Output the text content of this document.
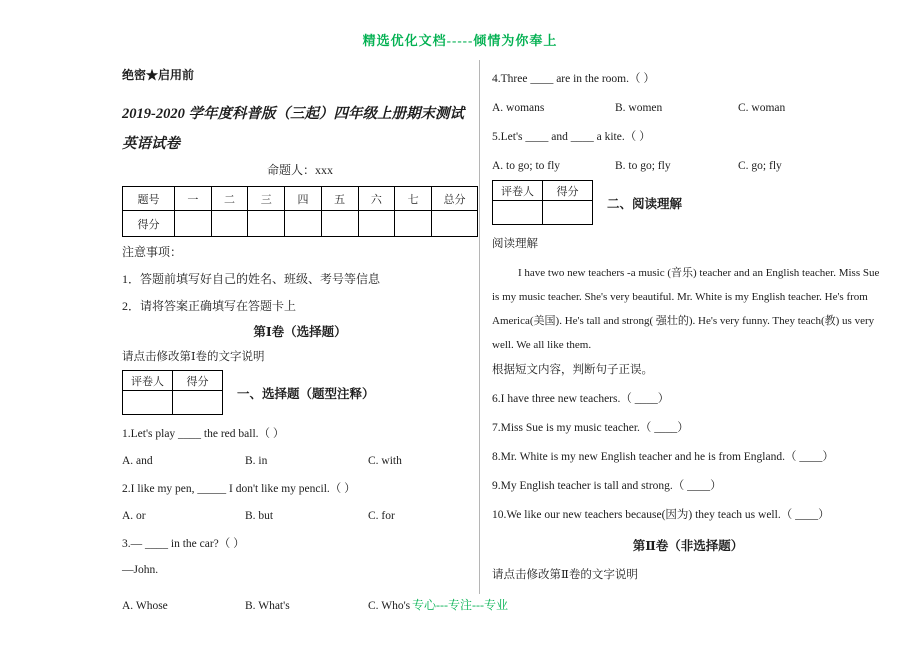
精选优化文档-----倾情为你奉上
绝密★启用前
2019-2020 学年度科普版（三起）四年级上册期末测试英语试卷
命题人：xxx
题号	一	二	三	四	五	六	七	总分
得分								
注意事项：
1．答题前填写好自己的姓名、班级、考号等信息
2．请将答案正确填写在答题卡上
第Ⅰ卷（选择题）
请点击修改第Ⅰ卷的文字说明
评卷人	得分

一、选择题（题型注释）
1.Let's play ____ the red ball.（ ）
A. and	B. in	C. with
2.I like my pen, _____ I don't like my pencil.（ ）
A. or	B. but	C. for
3.— ____ in the car?（ ）
—John.
A. Whose	B. What's	C. Who's
4.Three ____ are in the room.（ ）
A. womans	B. women	C. woman
5.Let's ____ and ____ a kite.（ ）
A. to go; to fly	B. to go; fly	C. go; fly
评卷人	得分

二、阅读理解
阅读理解
I have two new teachers -a music (音乐) teacher and an English teacher. Miss Sue is my music teacher. She's very beautiful. Mr. White is my English teacher. He's from America(美国). He's tall and strong( 强壮的). He's very funny. They teach(教) us very well. We all like them.
根据短文内容，判断句子正误。
6.I have three new teachers.（ ____）
7.Miss Sue is my music teacher.（ ____）
8.Mr. White is my new English teacher and he is from England.（ ____）
9.My English teacher is tall and strong.（ ____）
10.We like our new teachers because(因为) they teach us well.（ ____）
第Ⅱ卷（非选择题）
请点击修改第Ⅱ卷的文字说明
专心---专注---专业
